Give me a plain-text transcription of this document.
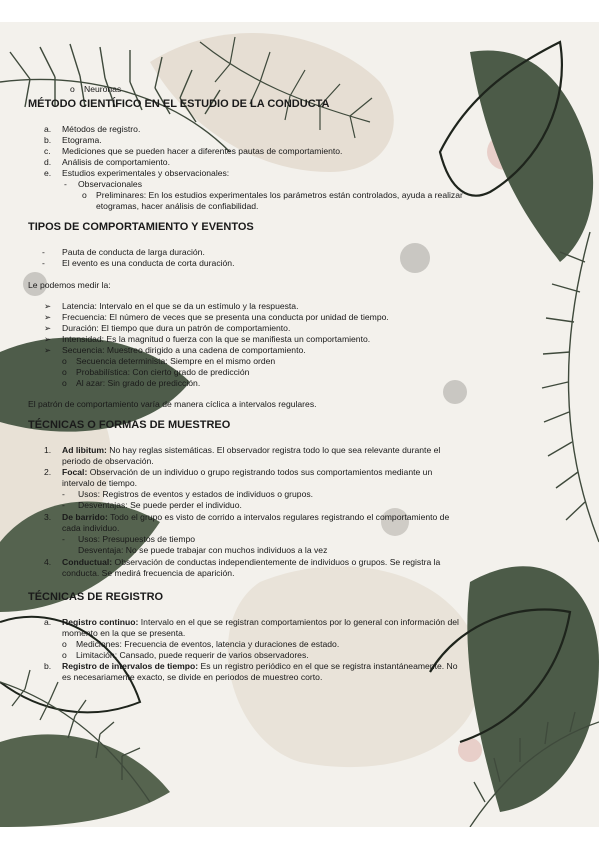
o Neuronas
MÉTODO CIENTÍFICO EN EL ESTUDIO DE LA CONDUCTA
a. Métodos de registro.
b. Etograma.
c. Mediciones que se pueden hacer a diferentes pautas de comportamiento.
d. Análisis de comportamiento.
e. Estudios experimentales y observacionales:
- Observacionales
o Preliminares: En los estudios experimentales los parámetros están controlados, ayuda a realizar
etogramas, hacer análisis de confiabilidad.
TIPOS DE COMPORTAMIENTO Y EVENTOS
- Pauta de conducta de larga duración.
- El evento es una conducta de corta duración.
Le podemos medir la:
➢ Latencia: Intervalo en el que se da un estímulo y la respuesta.
➢ Frecuencia: El número de veces que se presenta una conducta por unidad de tiempo.
➢ Duración: El tiempo que dura un patrón de comportamiento.
➢ Intensidad: Es la magnitud o fuerza con la que se manifiesta un comportamiento.
➢ Secuencia: Muestreo dirigido a una cadena de comportamiento.
o Secuencia determinista: Siempre en el mismo orden
o Probabilística: Con cierto grado de predicción
o Al azar: Sin grado de predicción.
El patrón de comportamiento varía de manera cíclica a intervalos regulares.
TÉCNICAS O FORMAS DE MUESTREO
1. Ad libitum: No hay reglas sistemáticas. El observador registra todo lo que sea relevante durante el
periodo de observación.
2. Focal: Observación de un individuo o grupo registrando todos sus comportamientos mediante un
intervalo de tiempo.
- Usos: Registros de eventos y estados de individuos o grupos.
- Desventajas: Se puede perder el individuo.
3. De barrido: Todo el grupo es visto de corrido a intervalos regulares registrando el comportamiento de
cada individuo.
- Usos: Presupuestos de tiempo
Desventaja: No se puede trabajar con muchos individuos a la vez
4. Conductual: Observación de conductas independientemente de individuos o grupos. Se registra la
conducta. Se medirá frecuencia de aparición.
TÉCNICAS DE REGISTRO
a. Registro continuo: Intervalo en el que se registran comportamientos por lo general con información del
momento en la que se presenta.
o Mediciones: Frecuencia de eventos, latencia y duraciones de estado.
o Limitación: Cansado, puede requerir de varios observadores.
b. Registro de intervalos de tiempo: Es un registro periódico en el que se registra instantáneamente. No
es necesariamente exacto, se divide en periodos de muestreo corto.
